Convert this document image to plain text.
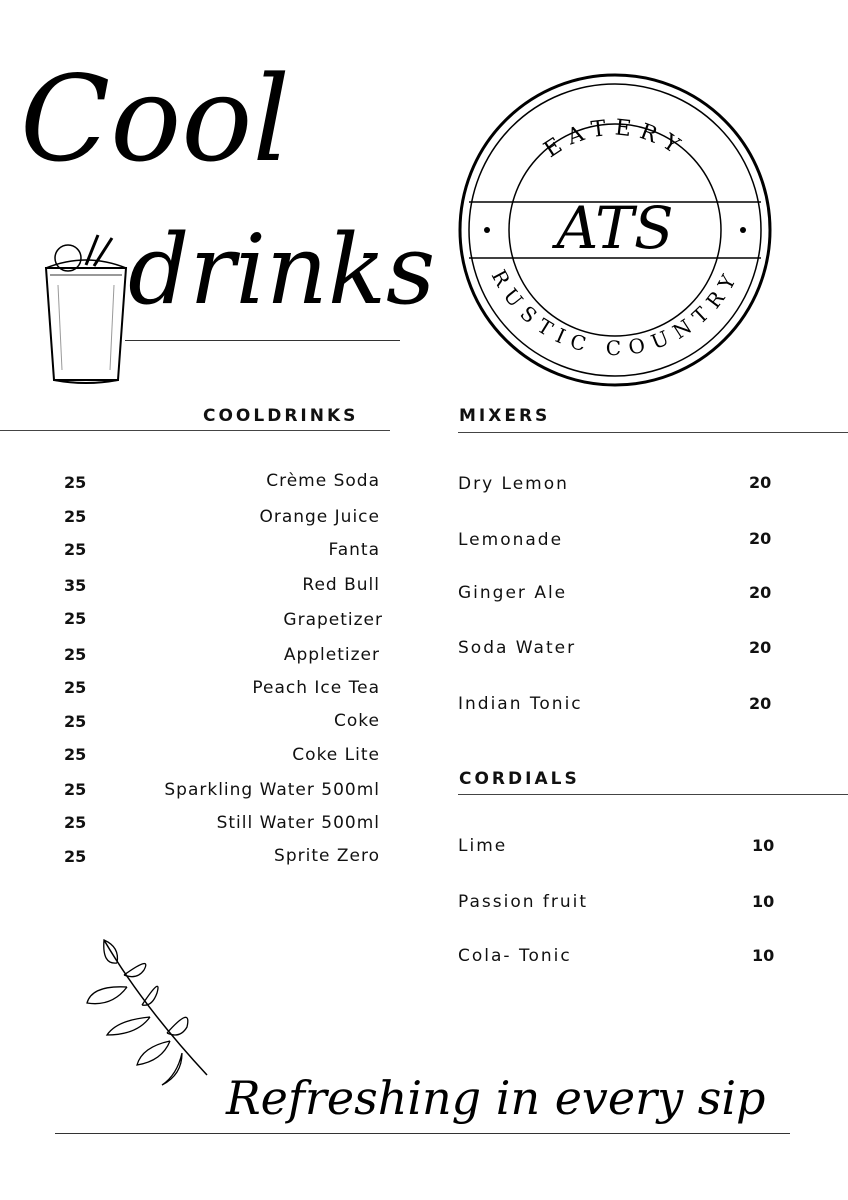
Cool
drinks
EATERY
RUSTIC COUNTRY
ATS
COOLDRINKS	MIXERS
25	Crème Soda
25	Orange Juice
25	Fanta
35	Red Bull
25	Grapetizer
25	Appletizer
25	Peach Ice Tea
25	Coke
25	Coke Lite
25	Sparkling Water 500ml
25	Still Water 500ml
25	Sprite Zero
Dry Lemon	20
Lemonade	20
Ginger Ale	20
Soda Water	20
Indian Tonic	20
CORDIALS
Lime	10
Passion fruit	10
Cola- Tonic	10
Refreshing in every sip
